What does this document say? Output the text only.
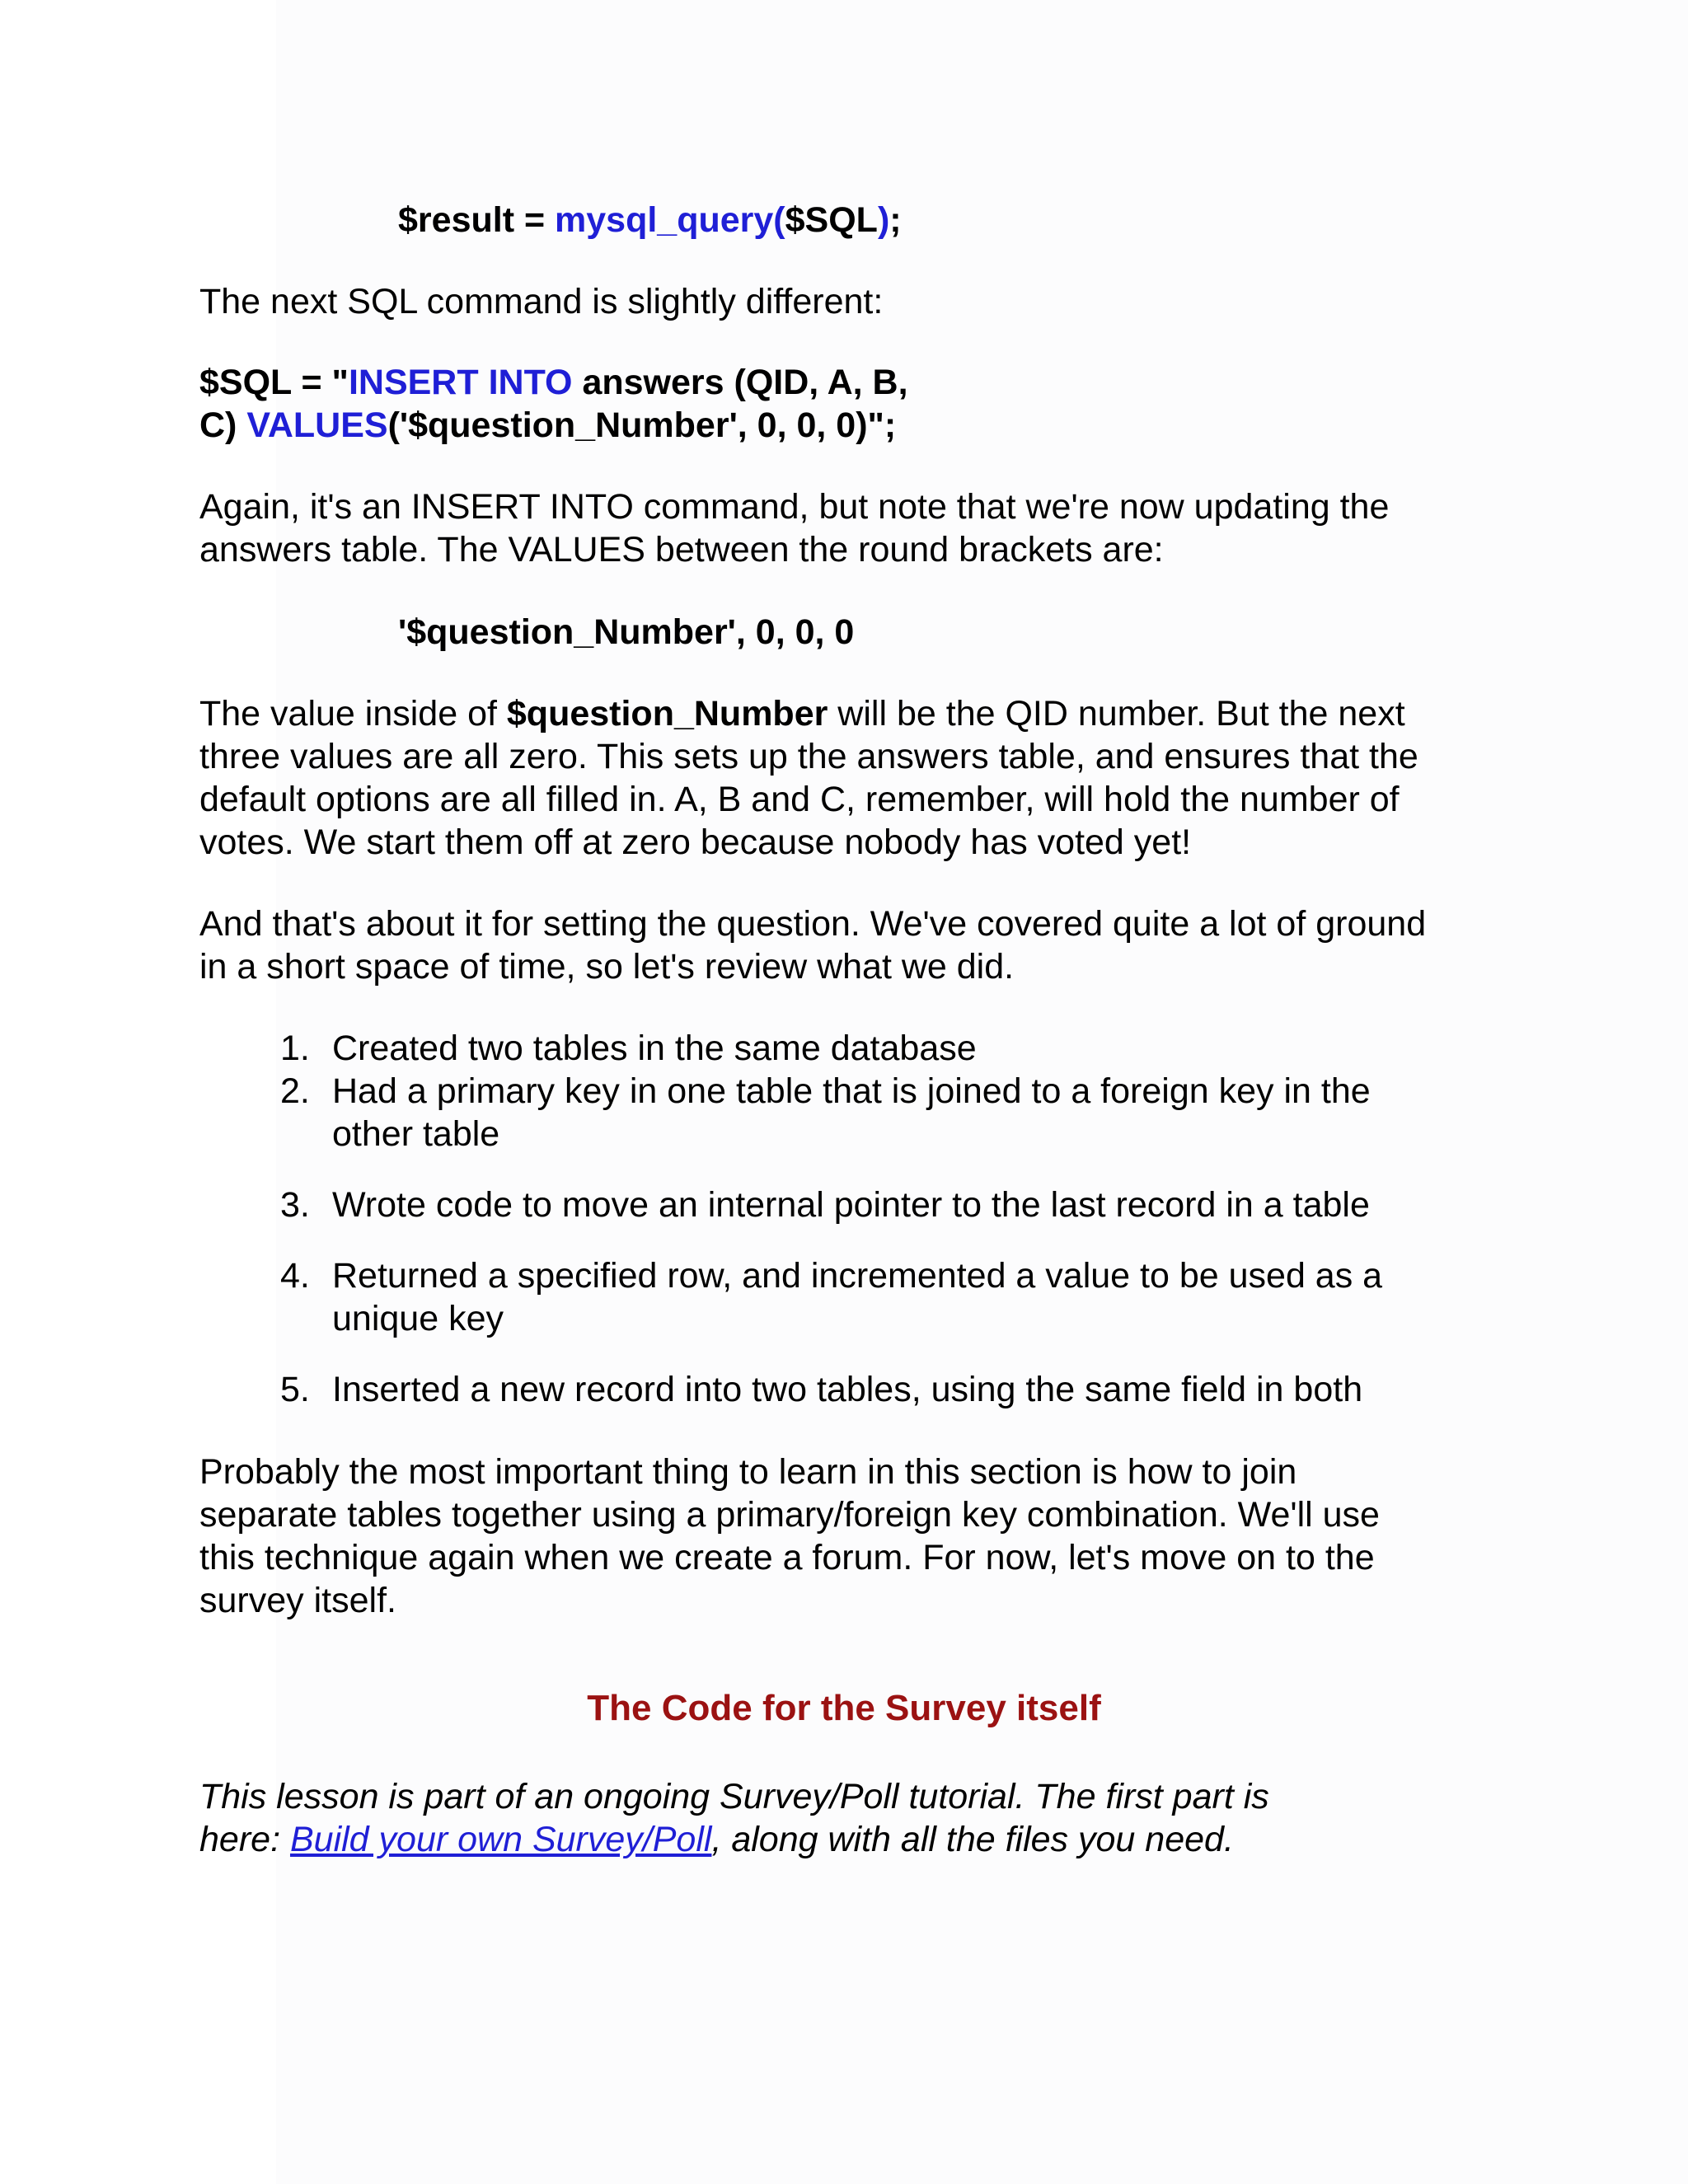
$result = mysql_query($SQL);
The next SQL command is slightly different:
$SQL = "INSERT INTO answers (QID, A, B,
C) VALUES('$question_Number', 0, 0, 0)";
Again, it's an INSERT INTO command, but note that we're now updating the
answers table. The VALUES between the round brackets are:
'$question_Number', 0, 0, 0
The value inside of $question_Number will be the QID number. But the next
three values are all zero. This sets up the answers table, and ensures that the
default options are all filled in. A, B and C, remember, will hold the number of
votes. We start them off at zero because nobody has voted yet!
And that's about it for setting the question. We've covered quite a lot of ground
in a short space of time, so let's review what we did.
1. Created two tables in the same database
2. Had a primary key in one table that is joined to a foreign key in the
other table
3. Wrote code to move an internal pointer to the last record in a table
4. Returned a specified row, and incremented a value to be used as a
unique key
5. Inserted a new record into two tables, using the same field in both
Probably the most important thing to learn in this section is how to join
separate tables together using a primary/foreign key combination. We'll use
this technique again when we create a forum. For now, let's move on to the
survey itself.
The Code for the Survey itself
This lesson is part of an ongoing Survey/Poll tutorial. The first part is
here: Build your own Survey/Poll, along with all the files you need.
